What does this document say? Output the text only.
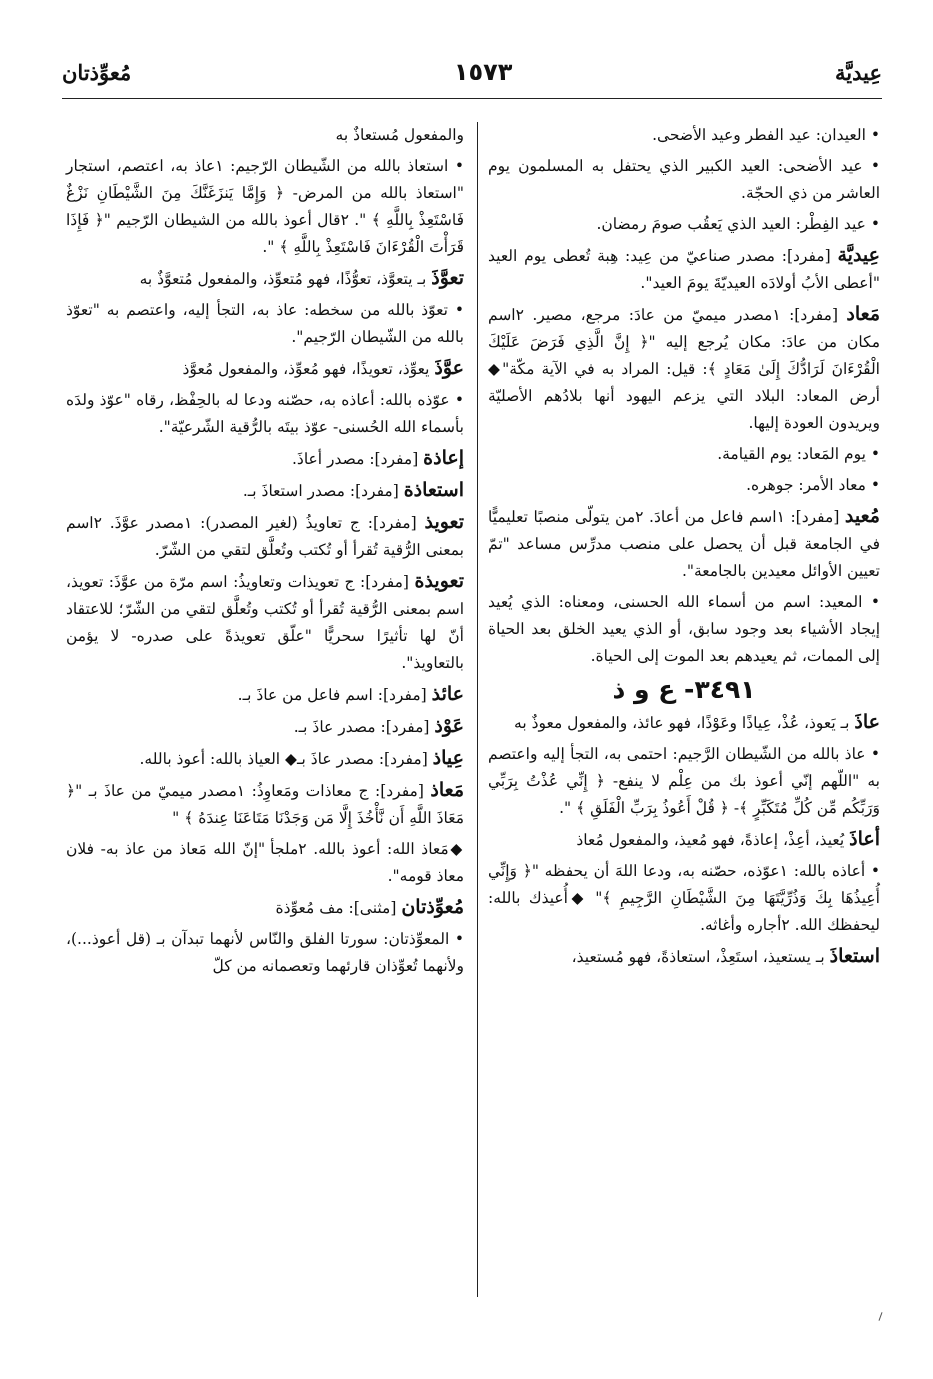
مُعوِّذتان	١٥٧٣	عِيديَّة

• العيدان: عيد الفطر وعيد الأضحى.

• عيد الأضحى: العيد الكبير الذي يحتفل به المسلمون يوم العاشر من ذي الحجّة.

• عيد الفِطْر: العيد الذي يَعقُب صومَ رمضان.

عِيديَّة [مفرد]: مصدر صناعيّ من عِيد: هِبة تُعطى يوم العيد "أعطى الأبُ أولادَه العيديّةَ يومَ العيد".

مَعاد [مفرد]: ١مصدر ميميّ من عادَ: مرجع، مصير. ٢اسم مكان من عادَ: مكان يُرجع إليه "﴿ إِنَّ الَّذِي فَرَضَ عَلَيْكَ الْقُرْءَانَ لَرَادُّكَ إِلَىٰ مَعَادٍ ﴾: قيل: المراد به في الآية مكّة"◆ أرض المعاد: البلاد التي يزعم اليهود أنها بلادُهم الأصليّة ويريدون العودة إليها.

• يوم المَعاد: يوم القيامة.

• معاد الأمر: جوهره.

مُعيد [مفرد]: ١اسم فاعل من أعادَ. ٢من يتولّى منصبًا تعليميًّا في الجامعة قبل أن يحصل على منصب مدرِّس مساعد "تمّ تعيين الأوائل معيدين بالجامعة".

• المعيد: اسم من أسماء الله الحسنى، ومعناه: الذي يُعيد إيجاد الأشياء بعد وجود سابق، أو الذي يعيد الخلق بعد الحياة إلى الممات، ثم يعيدهم بعد الموت إلى الحياة.

٣٤٩١- ع و ذ

عاذَ بـ يَعوذ، عُذْ، عِياذًا وعَوْذًا، فهو عائذ، والمفعول معوذٌ به

• عاذ بالله من الشّيطان الرَّجيم: احتمى به، التجأ إليه واعتصم به "اللّهم إنّي أعوذ بك من عِلْم لا ينفع- ﴿ إِنِّي عُذْتُ بِرَبِّي وَرَبِّكُم مِّن كُلِّ مُتَكَبِّرٍ ﴾- ﴿ قُلْ أَعُوذُ بِرَبِّ الْفَلَقِ ﴾ ".

أعاذَ يُعيذ، أعِذْ، إعاذةً، فهو مُعيذ، والمفعول مُعاذ

• أعاذه بالله: ١عوّذه، حصّنه به، ودعا اللهَ أن يحفظه "﴿ وَإِنِّي أُعِيذُهَا بِكَ وَذُرِّيَّتَهَا مِنَ الشَّيْطَانِ الرَّجِيمِ ﴾" ◆أُعيذك بالله: ليحفظك الله. ٢أجاره وأغاثه.

استعاذَ بـ يستعيذ، استَعِذْ، استعاذةً، فهو مُستعيذ،

والمفعول مُستعاذٌ به

• استعاذ بالله من الشّيطان الرّجيم: ١عاذ به، اعتصم، استجار "استعاذ بالله من المرض- ﴿ وَإِمَّا يَنزَغَنَّكَ مِنَ الشَّيْطَانِ نَزْغٌ فَاسْتَعِذْ بِاللَّهِ ﴾ ". ٢قال أعوذ بالله من الشيطان الرّجيم "﴿ فَإِذَا قَرَأْتَ الْقُرْءَانَ فَاسْتَعِذْ بِاللَّهِ ﴾ ".

تعوَّذَ بـ يتعوَّذ، تعوُّذًا، فهو مُتعوِّذ، والمفعول مُتعوَّذٌ به

• تعوّذ بالله من سخطه: عاذ به، التجأ إليه، واعتصم به "تعوّذ بالله من الشّيطان الرّجيم".

عوَّذَ يعوِّذ، تعويذًا، فهو مُعوِّذ، والمفعول مُعوَّذ

• عوّذه بالله: أعاذه به، حصّنه ودعا له بالحِفْظ، رقاه "عوّذ ولدَه بأسماء الله الحُسنى- عوّذ بيتَه بالرُّقية الشّرعيّة".

إعاذة [مفرد]: مصدر أعاذَ.

استعاذة [مفرد]: مصدر استعاذَ بـ.

تعويذ [مفرد]: ج تعاويذُ (لغير المصدر): ١مصدر عوَّذَ. ٢اسم بمعنى الرُّقية تُقرأ أو تُكتب وتُعلَّق لتقي من الشّرّ.

تعويذة [مفرد]: ج تعويذات وتعاويذُ: اسم مرّة من عوَّذَ: تعويذ، اسم بمعنى الرُّقية تُقرأ أو تُكتب وتُعلَّق لتقي من الشّرّ؛ للاعتقاد أنّ لها تأثيرًا سحريًّا "علّق تعويذةً على صدره- لا يؤمن بالتعاويذ".

عائذ [مفرد]: اسم فاعل من عاذَ بـ.

عَوْذ [مفرد]: مصدر عاذَ بـ.

عِياذ [مفرد]: مصدر عاذَ بـ◆ العياذ بالله: أعوذ بالله.

مَعاذ [مفرد]: ج معاذات ومَعاوِذُ: ١مصدر ميميّ من عاذَ بـ "﴿ مَعَاذَ اللَّهِ أَن نَّأْخُذَ إِلَّا مَن وَجَدْنَا مَتَاعَنَا عِندَهُ ﴾ "

◆مَعاذ الله: أعوذ بالله. ٢ملجأ "إنّ الله مَعاذ من عاذ به- فلان معاذ قومه".

مُعوِّذتان [مثنى]: مف مُعوِّذة

• المعوِّذتان: سورتا الفلق والنّاس لأنهما تبدآن بـ (قل أعوذ...)، ولأنهما تُعوِّذان قارئهما وتعصمانه من كلّ
